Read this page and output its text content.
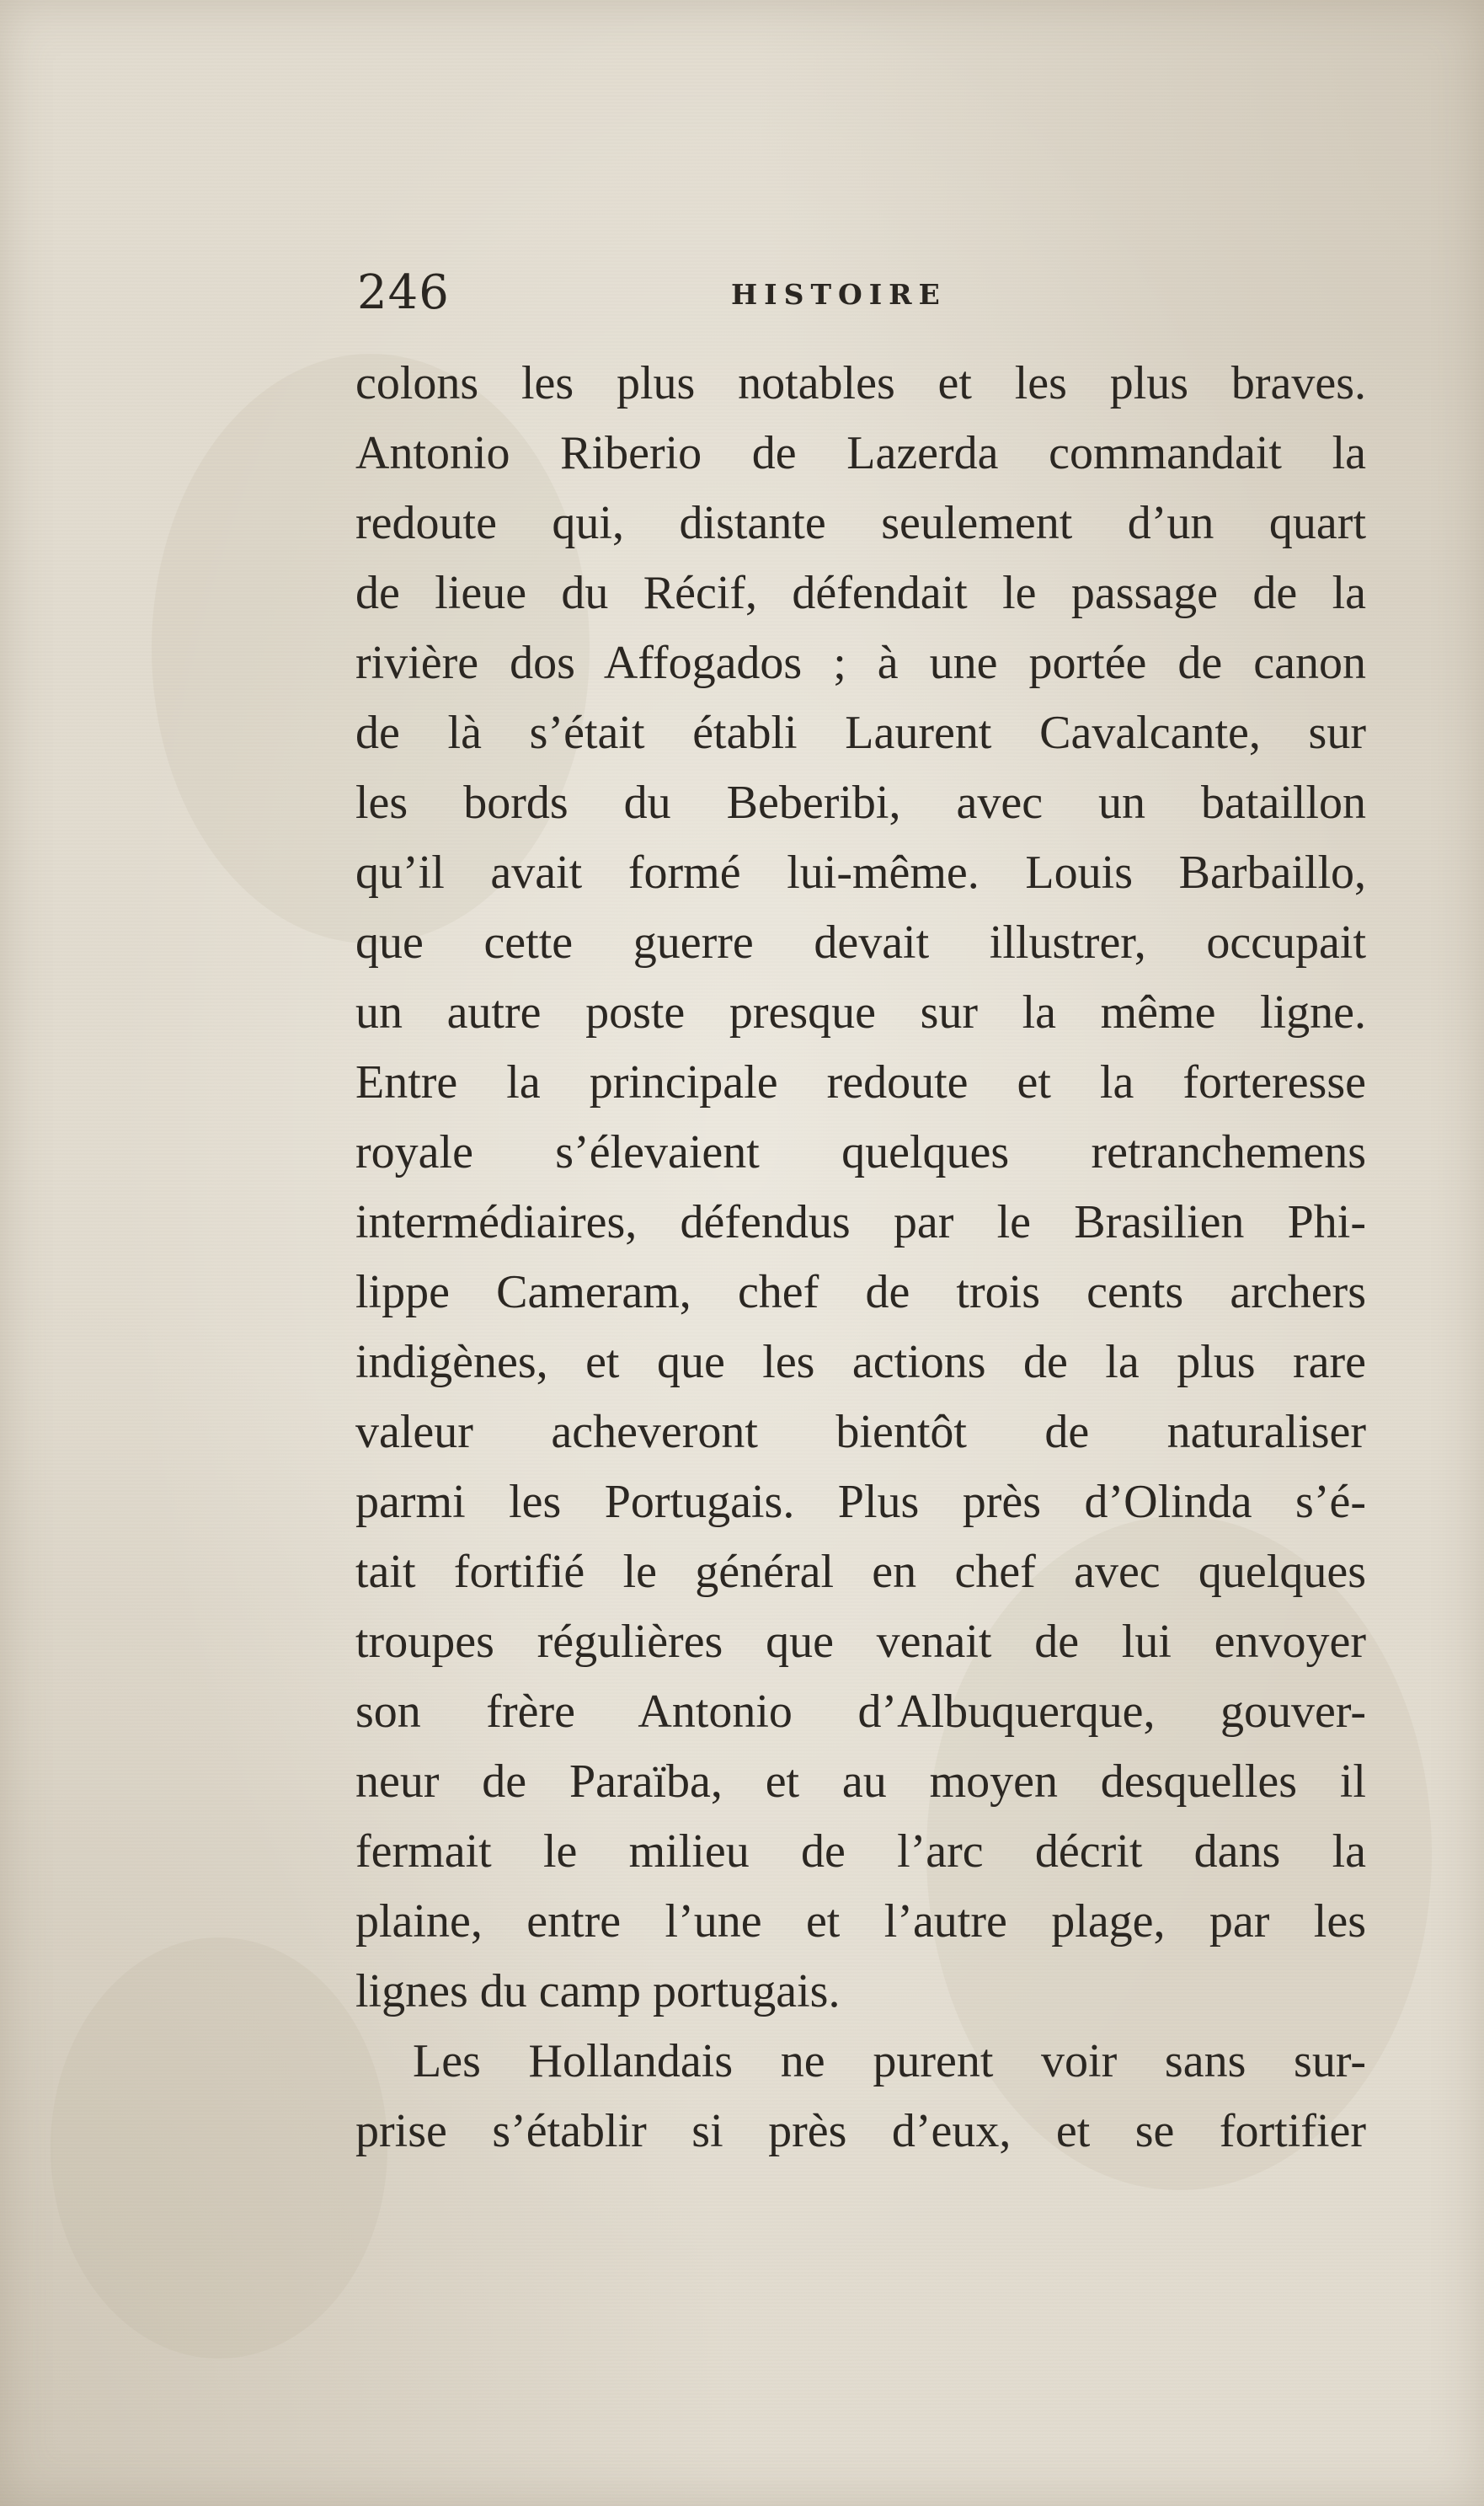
246	HISTOIRE
colons les plus notables et les plus braves.
Antonio Riberio de Lazerda commandait la
redoute qui, distante seulement d’un quart
de lieue du Récif, défendait le passage de la
rivière dos Affogados ; à une portée de canon
de là s’était établi Laurent Cavalcante, sur
les bords du Beberibi, avec un bataillon
qu’il avait formé lui-même. Louis Barbaillo,
que cette guerre devait illustrer, occupait
un autre poste presque sur la même ligne.
Entre la principale redoute et la forteresse
royale s’élevaient quelques retranchemens
intermédiaires, défendus par le Brasilien Phi-
lippe Cameram, chef de trois cents archers
indigènes, et que les actions de la plus rare
valeur acheveront bientôt de naturaliser
parmi les Portugais. Plus près d’Olinda s’é-
tait fortifié le général en chef avec quelques
troupes régulières que venait de lui envoyer
son frère Antonio d’Albuquerque, gouver-
neur de Paraïba, et au moyen desquelles il
fermait le milieu de l’arc décrit dans la
plaine, entre l’une et l’autre plage, par les
lignes du camp portugais.
Les Hollandais ne purent voir sans sur-
prise s’établir si près d’eux, et se fortifier
